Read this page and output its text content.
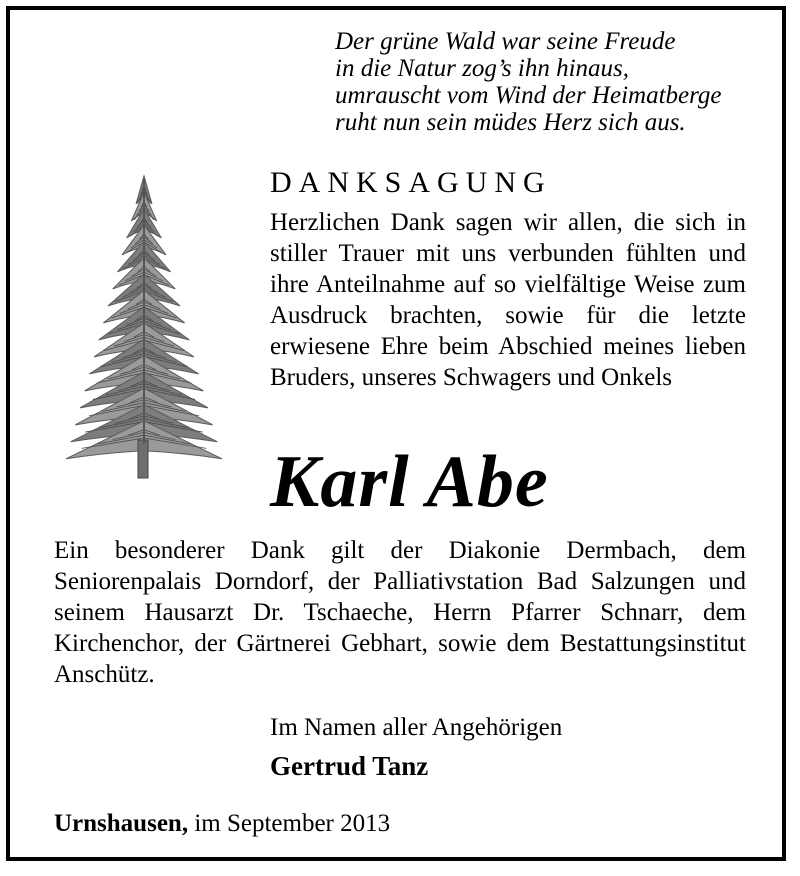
Der grüne Wald war seine Freude
in die Natur zog’s ihn hinaus,
umrauscht vom Wind der Heimatberge
ruht nun sein müdes Herz sich aus.
DANKSAGUNG
Herzlichen Dank sagen wir allen, die sich in stiller Trauer mit uns verbunden fühlten und ihre Anteilnahme auf so vielfältige Weise zum Ausdruck brachten, sowie für die letzte erwiesene Ehre beim Abschied meines lieben Bruders, unseres Schwagers und Onkels
Karl Abe
Ein besonderer Dank gilt der Diakonie Dermbach, dem Seniorenpalais Dorndorf, der Palliativstation Bad Salzungen und seinem Hausarzt Dr. Tschaeche, Herrn Pfarrer Schnarr, dem Kirchenchor, der Gärtnerei Gebhart, sowie dem Bestattungsinstitut Anschütz.
Im Namen aller Angehörigen
Gertrud Tanz
Urnshausen, im September 2013
